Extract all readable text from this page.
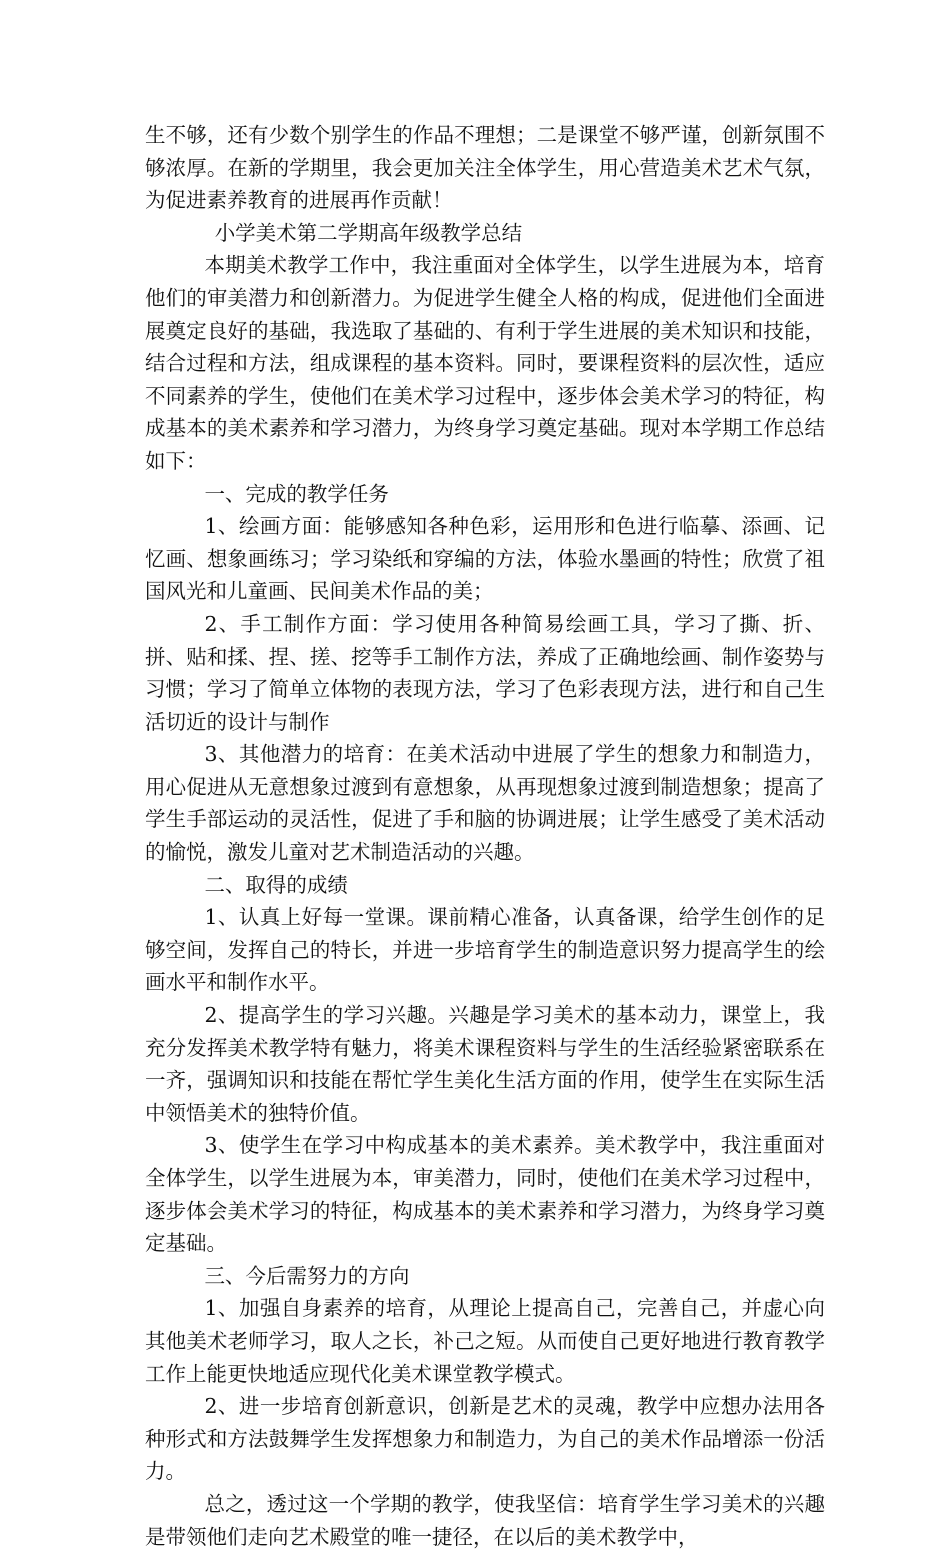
生不够，还有少数个别学生的作品不理想；二是课堂不够严谨，创新氛围不够浓厚。在新的学期里，我会更加关注全体学生，用心营造美术艺术气氛，为促进素养教育的进展再作贡献！

小学美术第二学期高年级教学总结

本期美术教学工作中，我注重面对全体学生，以学生进展为本，培育他们的审美潜力和创新潜力。为促进学生健全人格的构成，促进他们全面进展奠定良好的基础，我选取了基础的、有利于学生进展的美术知识和技能，结合过程和方法，组成课程的基本资料。同时，要课程资料的层次性，适应不同素养的学生，使他们在美术学习过程中，逐步体会美术学习的特征，构成基本的美术素养和学习潜力，为终身学习奠定基础。现对本学期工作总结如下：

一、完成的教学任务

1、绘画方面：能够感知各种色彩，运用形和色进行临摹、添画、记忆画、想象画练习；学习染纸和穿编的方法，体验水墨画的特性；欣赏了祖国风光和儿童画、民间美术作品的美；

2、手工制作方面：学习使用各种简易绘画工具，学习了撕、折、拼、贴和揉、捏、搓、挖等手工制作方法，养成了正确地绘画、制作姿势与习惯；学习了简单立体物的表现方法，学习了色彩表现方法，进行和自己生活切近的设计与制作

3、其他潜力的培育：在美术活动中进展了学生的想象力和制造力，用心促进从无意想象过渡到有意想象，从再现想象过渡到制造想象；提高了学生手部运动的灵活性，促进了手和脑的协调进展；让学生感受了美术活动的愉悦，激发儿童对艺术制造活动的兴趣。

二、取得的成绩

1、认真上好每一堂课。课前精心准备，认真备课，给学生创作的足够空间，发挥自己的特长，并进一步培育学生的制造意识努力提高学生的绘画水平和制作水平。

2、提高学生的学习兴趣。兴趣是学习美术的基本动力，课堂上，我充分发挥美术教学特有魅力，将美术课程资料与学生的生活经验紧密联系在一齐，强调知识和技能在帮忙学生美化生活方面的作用，使学生在实际生活中领悟美术的独特价值。

3、使学生在学习中构成基本的美术素养。美术教学中，我注重面对全体学生，以学生进展为本，审美潜力，同时，使他们在美术学习过程中，逐步体会美术学习的特征，构成基本的美术素养和学习潜力，为终身学习奠定基础。

三、今后需努力的方向

1、加强自身素养的培育，从理论上提高自己，完善自己，并虚心向其他美术老师学习，取人之长，补己之短。从而使自己更好地进行教育教学工作上能更快地适应现代化美术课堂教学模式。

2、进一步培育创新意识，创新是艺术的灵魂，教学中应想办法用各种形式和方法鼓舞学生发挥想象力和制造力，为自己的美术作品增添一份活力。

总之，透过这一个学期的教学，使我坚信：培育学生学习美术的兴趣是带领他们走向艺术殿堂的唯一捷径，在以后的美术教学中，
